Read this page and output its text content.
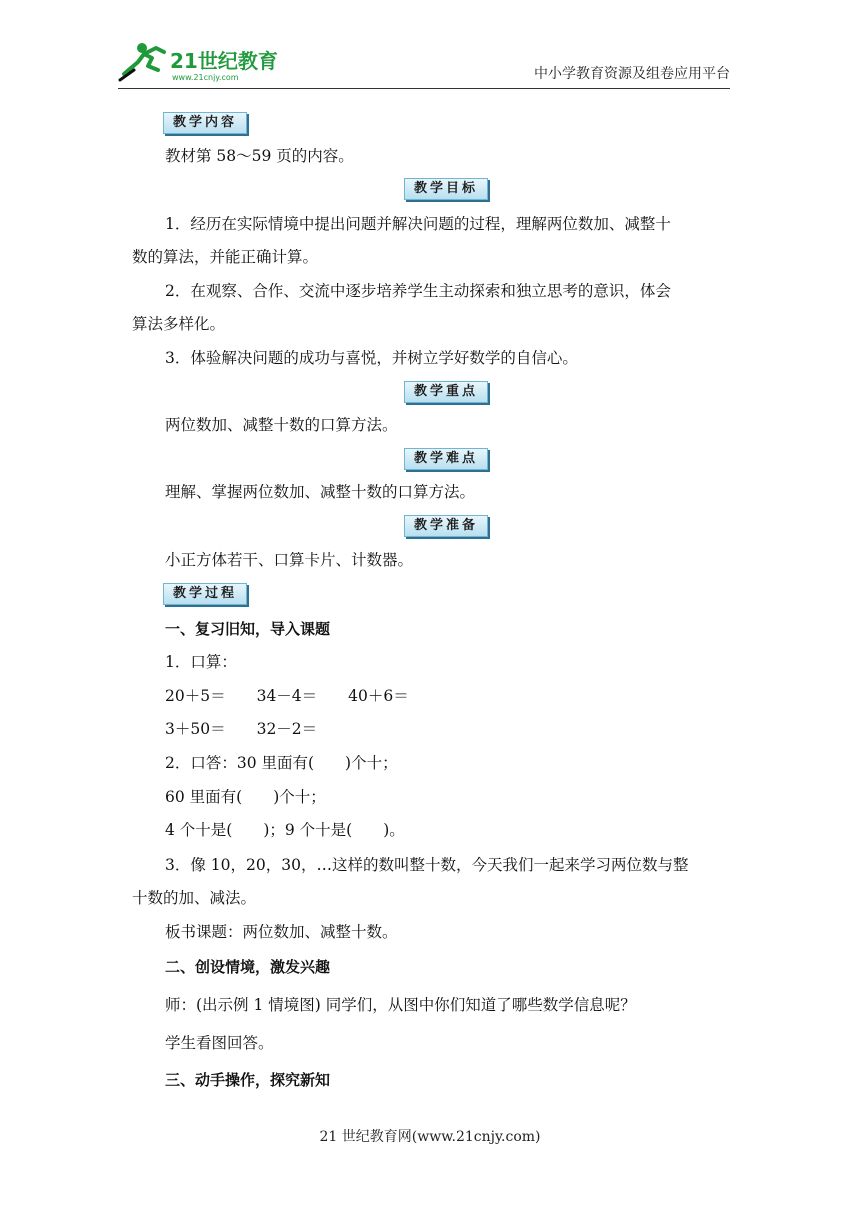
21世纪教育
www.21cnjy.com	中小学教育资源及组卷应用平台
教学内容
教材第 58～59 页的内容。
教学目标
1．经历在实际情境中提出问题并解决问题的过程，理解两位数加、减整十
数的算法，并能正确计算。
2．在观察、合作、交流中逐步培养学生主动探索和独立思考的意识，体会
算法多样化。
3．体验解决问题的成功与喜悦，并树立学好数学的自信心。
教学重点
两位数加、减整十数的口算方法。
教学难点
理解、掌握两位数加、减整十数的口算方法。
教学准备
小正方体若干、口算卡片、计数器。
教学过程
一、复习旧知，导入课题
1．口算：
20＋5＝　　34－4＝　　40＋6＝
3＋50＝　　32－2＝
2．口答：30 里面有(　　)个十；
60 里面有(　　)个十；
4 个十是(　　)；9 个十是(　　)。
3．像 10，20，30，…这样的数叫整十数，今天我们一起来学习两位数与整
十数的加、减法。
板书课题：两位数加、减整十数。
二、创设情境，激发兴趣
师：(出示例 1 情境图) 同学们，从图中你们知道了哪些数学信息呢？
学生看图回答。
三、动手操作，探究新知
21 世纪教育网(www.21cnjy.com)
